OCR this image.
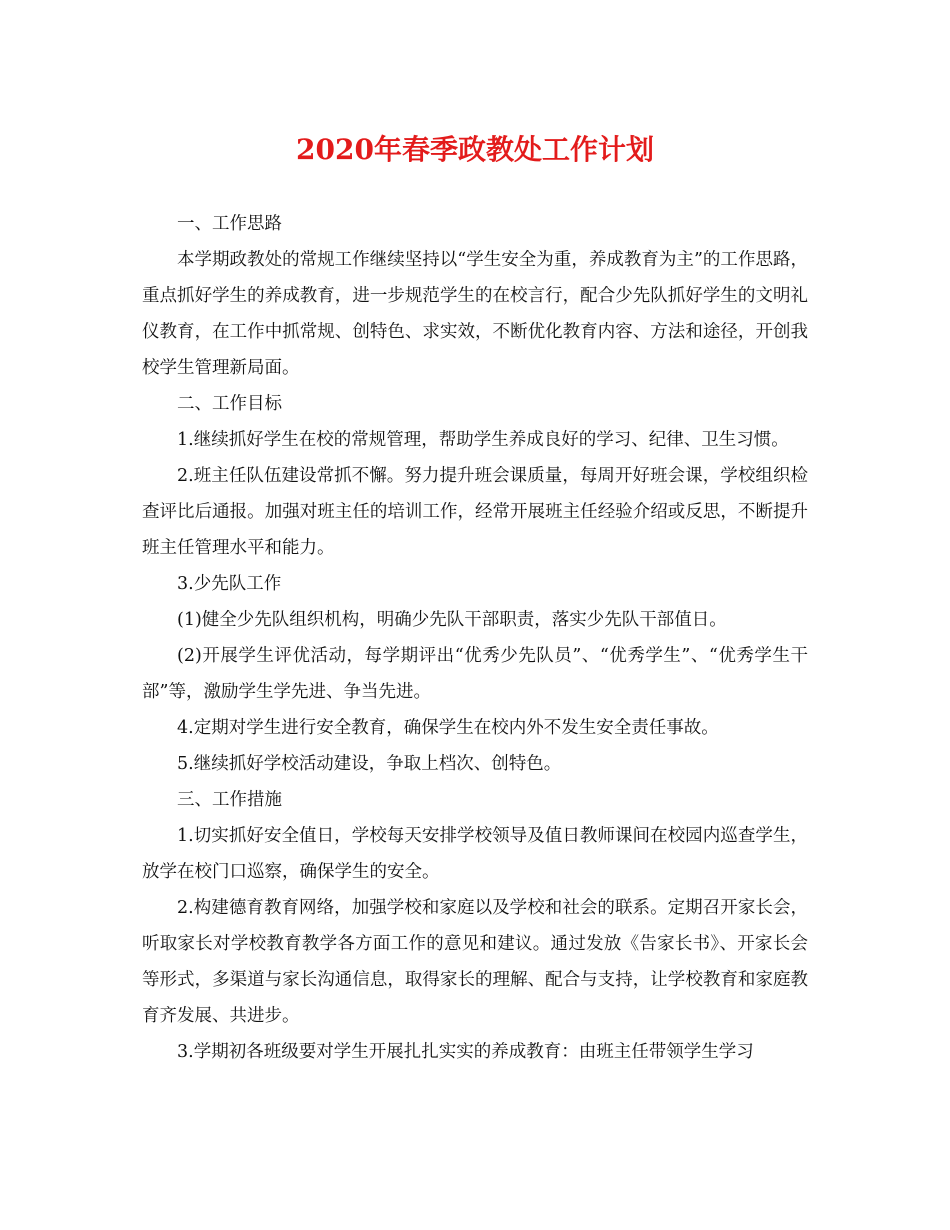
2020年春季政教处工作计划

一、工作思路

本学期政教处的常规工作继续坚持以“学生安全为重，养成教育为主”的工作思路，重点抓好学生的养成教育，进一步规范学生的在校言行，配合少先队抓好学生的文明礼仪教育，在工作中抓常规、创特色、求实效，不断优化教育内容、方法和途径，开创我校学生管理新局面。

二、工作目标

1.继续抓好学生在校的常规管理，帮助学生养成良好的学习、纪律、卫生习惯。

2.班主任队伍建设常抓不懈。努力提升班会课质量，每周开好班会课，学校组织检查评比后通报。加强对班主任的培训工作，经常开展班主任经验介绍或反思，不断提升班主任管理水平和能力。

3.少先队工作

(1)健全少先队组织机构，明确少先队干部职责，落实少先队干部值日。

(2)开展学生评优活动，每学期评出“优秀少先队员”、“优秀学生”、“优秀学生干部”等，激励学生学先进、争当先进。

4.定期对学生进行安全教育，确保学生在校内外不发生安全责任事故。

5.继续抓好学校活动建设，争取上档次、创特色。

三、工作措施

1.切实抓好安全值日，学校每天安排学校领导及值日教师课间在校园内巡查学生，放学在校门口巡察，确保学生的安全。

2.构建德育教育网络，加强学校和家庭以及学校和社会的联系。定期召开家长会，听取家长对学校教育教学各方面工作的意见和建议。通过发放《告家长书》、开家长会等形式，多渠道与家长沟通信息，取得家长的理解、配合与支持，让学校教育和家庭教育齐发展、共进步。

3.学期初各班级要对学生开展扎扎实实的养成教育：由班主任带领学生学习
